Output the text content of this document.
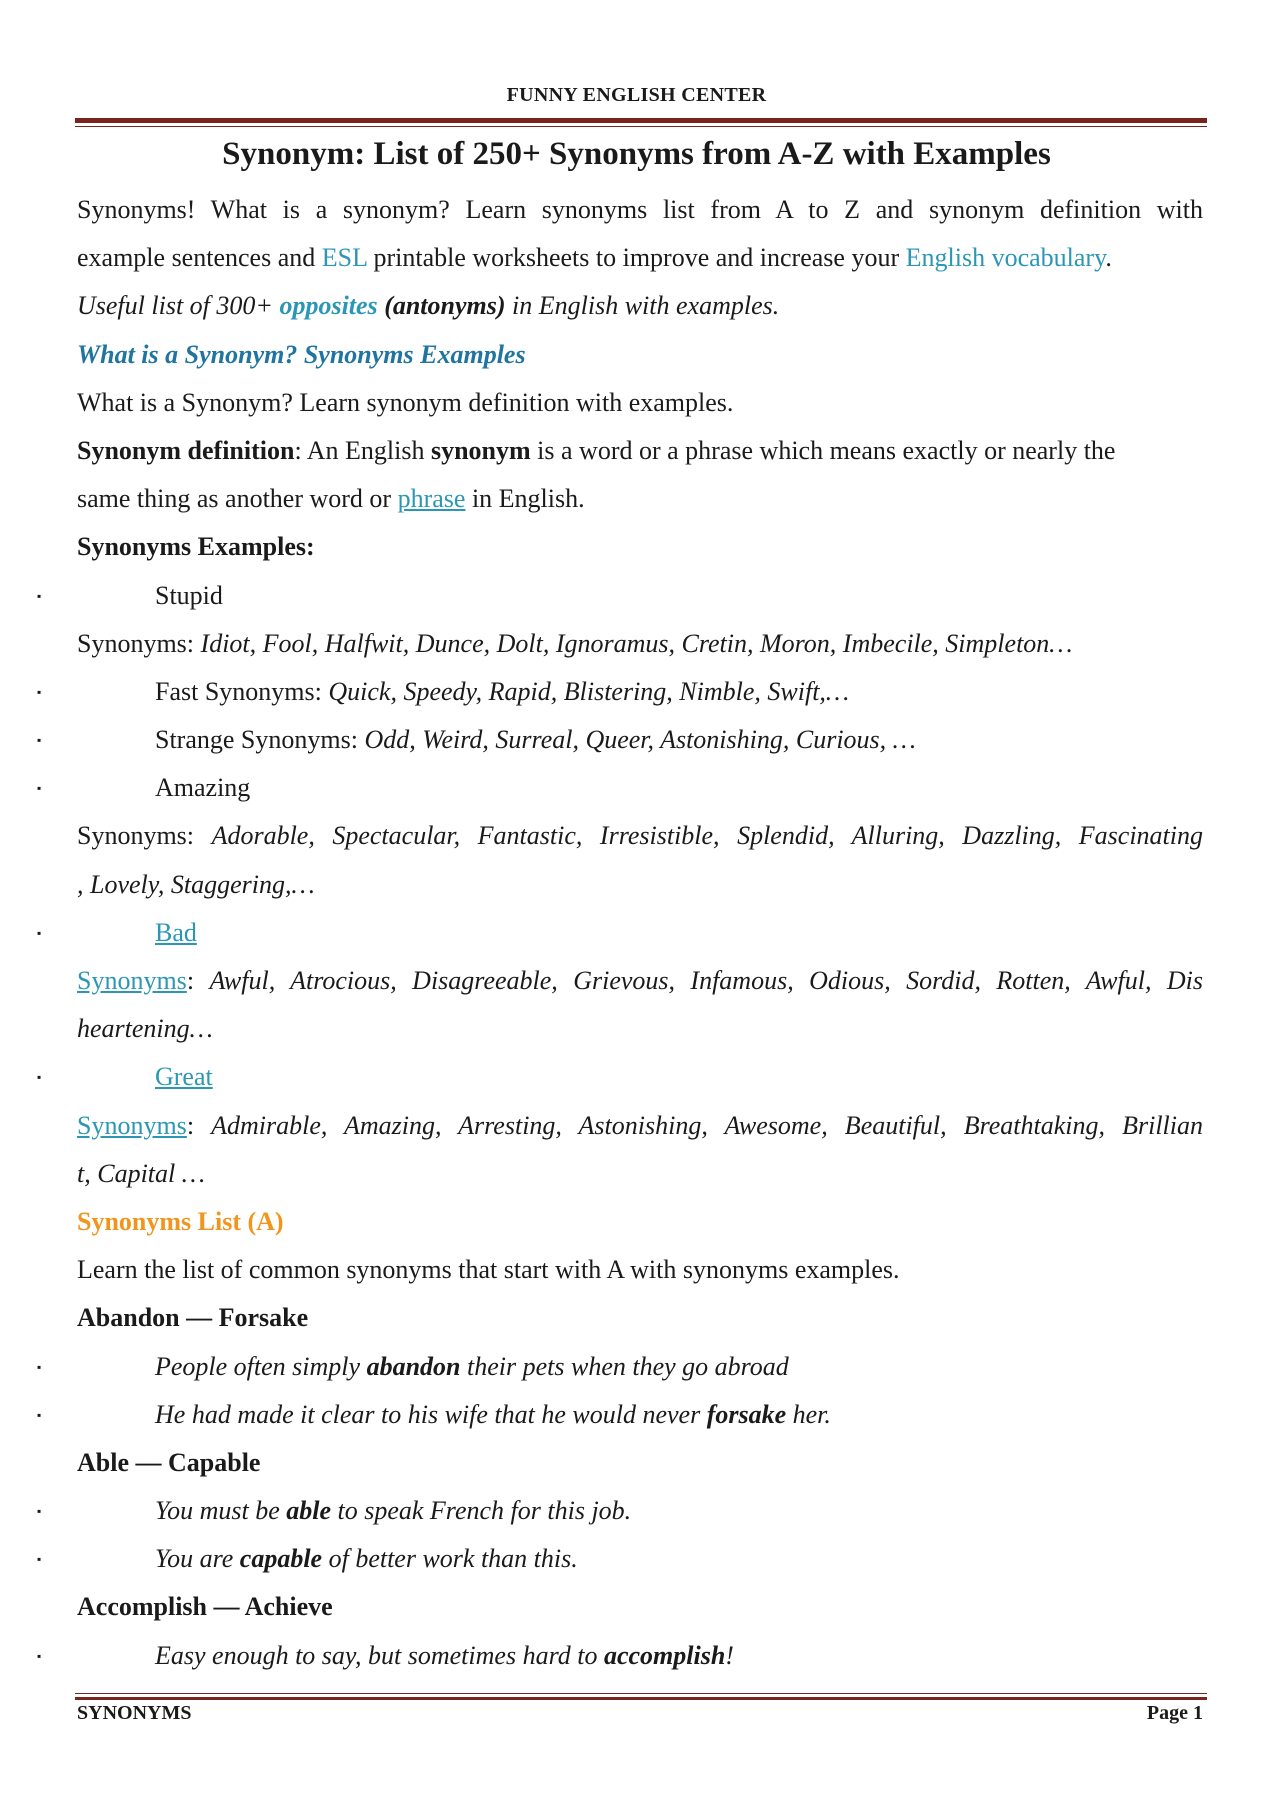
FUNNY ENGLISH CENTER
Synonym: List of 250+ Synonyms from A-Z with Examples
Synonyms! What is a synonym? Learn synonyms list from A to Z and synonym definition with
example sentences and ESL printable worksheets to improve and increase your English vocabulary.
Useful list of 300+ opposites (antonyms) in English with examples.
What is a Synonym? Synonyms Examples
What is a Synonym? Learn synonym definition with examples.
Synonym definition: An English synonym is a word or a phrase which means exactly or nearly the
same thing as another word or phrase in English.
Synonyms Examples:
▪	Stupid
Synonyms: Idiot, Fool, Halfwit, Dunce, Dolt, Ignoramus, Cretin, Moron, Imbecile, Simpleton…
▪	Fast Synonyms: Quick, Speedy, Rapid, Blistering, Nimble, Swift,…
▪	Strange Synonyms: Odd, Weird, Surreal, Queer, Astonishing, Curious, …
▪	Amazing
Synonyms: Adorable, Spectacular, Fantastic, Irresistible, Splendid, Alluring, Dazzling, Fascinating
, Lovely, Staggering,…
▪	Bad
Synonyms: Awful, Atrocious, Disagreeable, Grievous, Infamous, Odious, Sordid, Rotten, Awful, Dis
heartening…
▪	Great
Synonyms: Admirable, Amazing, Arresting, Astonishing, Awesome, Beautiful, Breathtaking, Brillian
t, Capital …
Synonyms List (A)
Learn the list of common synonyms that start with A with synonyms examples.
Abandon –– Forsake
▪	People often simply abandon their pets when they go abroad
▪	He had made it clear to his wife that he would never forsake her.
Able –– Capable
▪	You must be able to speak French for this job.
▪	You are capable of better work than this.
Accomplish –– Achieve
▪	Easy enough to say, but sometimes hard to accomplish!
SYNONYMS	Page 1
